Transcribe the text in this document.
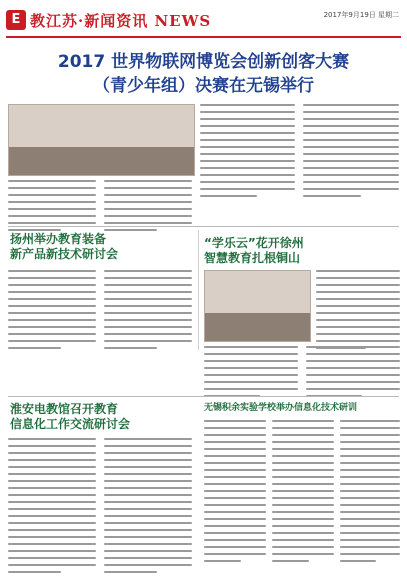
E 教江苏·新闻资讯 NEWS	2017年9月19日 星期二
2017 世界物联网博览会创新创客大赛
（青少年组）决赛在无锡举行
扬州举办教育装备
新产品新技术研讨会
“学乐云”花开徐州
智慧教育扎根铜山
淮安电教馆召开教育
信息化工作交流研讨会
无锡积余实验学校举办信息化技术研训
